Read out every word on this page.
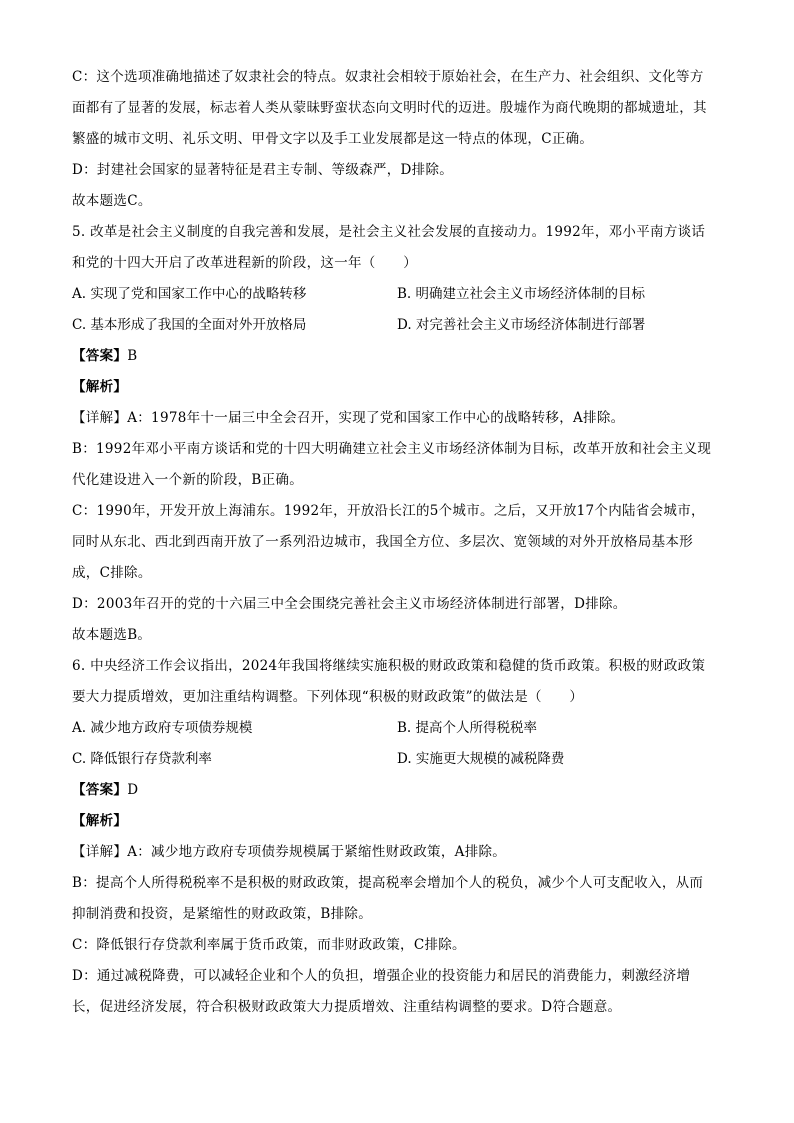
C：这个选项准确地描述了奴隶社会的特点。奴隶社会相较于原始社会，在生产力、社会组织、文化等方
面都有了显著的发展，标志着人类从蒙昧野蛮状态向文明时代的迈进。殷墟作为商代晚期的都城遗址，其
繁盛的城市文明、礼乐文明、甲骨文字以及手工业发展都是这一特点的体现，C正确。
D：封建社会国家的显著特征是君主专制、等级森严，D排除。
故本题选C。
5. 改革是社会主义制度的自我完善和发展，是社会主义社会发展的直接动力。1992年，邓小平南方谈话
和党的十四大开启了改革进程新的阶段，这一年（　　）
A. 实现了党和国家工作中心的战略转移	B. 明确建立社会主义市场经济体制的目标
C. 基本形成了我国的全面对外开放格局	D. 对完善社会主义市场经济体制进行部署
【答案】B
【解析】
【详解】A：1978年十一届三中全会召开，实现了党和国家工作中心的战略转移，A排除。
B：1992年邓小平南方谈话和党的十四大明确建立社会主义市场经济体制为目标，改革开放和社会主义现
代化建设进入一个新的阶段，B正确。
C：1990年，开发开放上海浦东。1992年，开放沿长江的5个城市。之后，又开放17个内陆省会城市，
同时从东北、西北到西南开放了一系列沿边城市，我国全方位、多层次、宽领域的对外开放格局基本形
成，C排除。
D：2003年召开的党的十六届三中全会围绕完善社会主义市场经济体制进行部署，D排除。
故本题选B。
6. 中央经济工作会议指出，2024年我国将继续实施积极的财政政策和稳健的货币政策。积极的财政政策
要大力提质增效，更加注重结构调整。下列体现“积极的财政政策”的做法是（　　）
A. 减少地方政府专项债券规模	B. 提高个人所得税税率
C. 降低银行存贷款利率	D. 实施更大规模的减税降费
【答案】D
【解析】
【详解】A：减少地方政府专项债券规模属于紧缩性财政政策，A排除。
B：提高个人所得税税率不是积极的财政政策，提高税率会增加个人的税负，减少个人可支配收入，从而
抑制消费和投资，是紧缩性的财政政策，B排除。
C：降低银行存贷款利率属于货币政策，而非财政政策，C排除。
D：通过减税降费，可以减轻企业和个人的负担，增强企业的投资能力和居民的消费能力，刺激经济增
长，促进经济发展，符合积极财政政策大力提质增效、注重结构调整的要求。D符合题意。
